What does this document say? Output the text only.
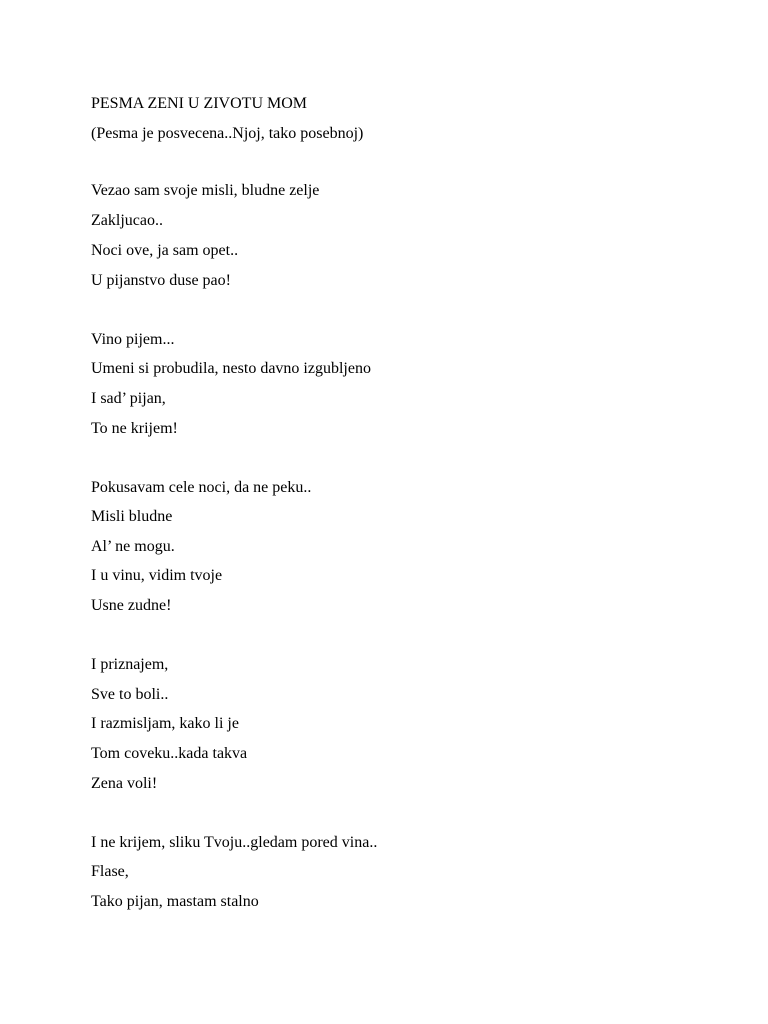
PESMA ZENI U ZIVOTU MOM
(Pesma je posvecena..Njoj, tako posebnoj)
Vezao sam svoje misli, bludne zelje
Zakljucao..
Noci ove, ja sam opet..
U pijanstvo duse pao!
Vino pijem...
Umeni si probudila, nesto davno izgubljeno
I sad’ pijan,
To ne krijem!
Pokusavam cele noci, da ne peku..
Misli bludne
Al’ ne mogu.
I u vinu, vidim tvoje
Usne zudne!
I priznajem,
Sve to boli..
I razmisljam, kako li je
Tom coveku..kada takva
Zena voli!
I ne krijem, sliku Tvoju..gledam pored vina..
Flase,
Tako pijan, mastam stalno
